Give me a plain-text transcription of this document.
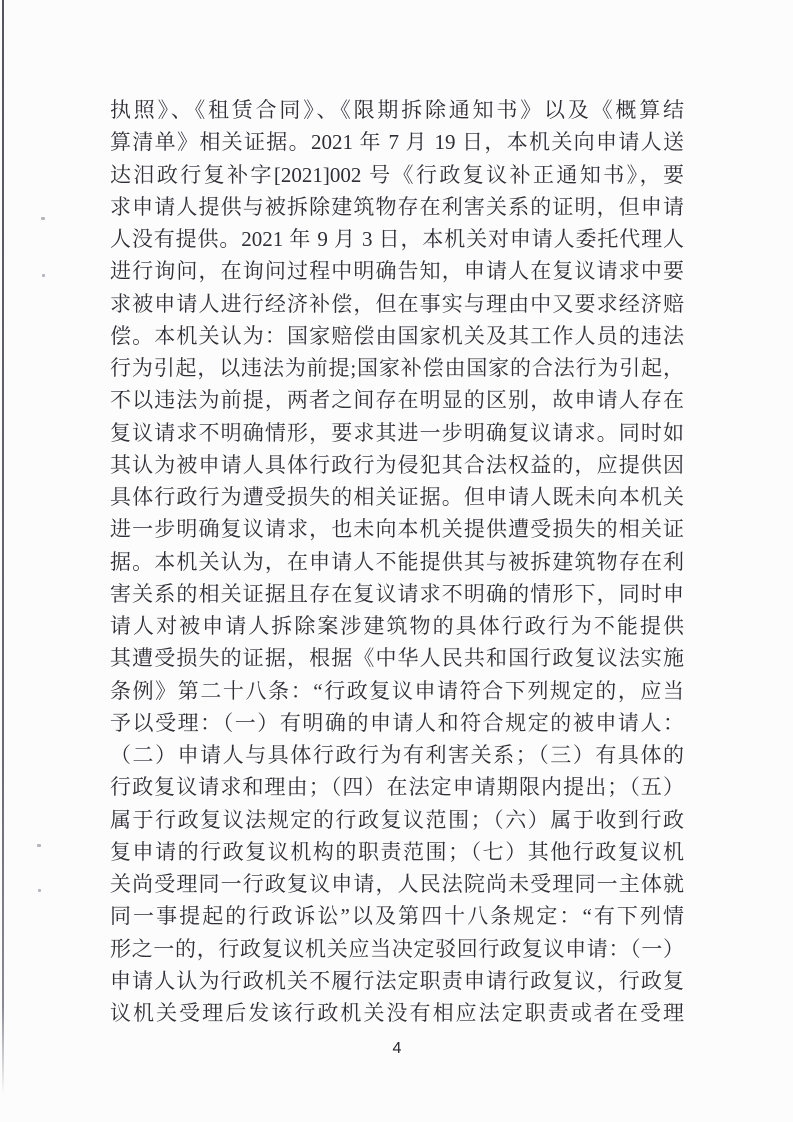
执照》、《租赁合同》、《限期拆除通知书》以及《概算结
算清单》相关证据。2021 年 7 月 19 日，本机关向申请人送
达汨政行复补字[2021]002 号《行政复议补正通知书》，要
求申请人提供与被拆除建筑物存在利害关系的证明，但申请
人没有提供。2021 年 9 月 3 日，本机关对申请人委托代理人
进行询问，在询问过程中明确告知，申请人在复议请求中要
求被申请人进行经济补偿，但在事实与理由中又要求经济赔
偿。本机关认为：国家赔偿由国家机关及其工作人员的违法
行为引起，以违法为前提;国家补偿由国家的合法行为引起，
不以违法为前提，两者之间存在明显的区别，故申请人存在
复议请求不明确情形，要求其进一步明确复议请求。同时如
其认为被申请人具体行政行为侵犯其合法权益的，应提供因
具体行政行为遭受损失的相关证据。但申请人既未向本机关
进一步明确复议请求，也未向本机关提供遭受损失的相关证
据。本机关认为，在申请人不能提供其与被拆建筑物存在利
害关系的相关证据且存在复议请求不明确的情形下，同时申
请人对被申请人拆除案涉建筑物的具体行政行为不能提供
其遭受损失的证据，根据《中华人民共和国行政复议法实施
条例》第二十八条：“行政复议申请符合下列规定的，应当
予以受理：（一）有明确的申请人和符合规定的被申请人：
（二）申请人与具体行政行为有利害关系；（三）有具体的
行政复议请求和理由；（四）在法定申请期限内提出；（五）
属于行政复议法规定的行政复议范围；（六）属于收到行政
复申请的行政复议机构的职责范围；（七）其他行政复议机
关尚受理同一行政复议申请，人民法院尚未受理同一主体就
同一事提起的行政诉讼”以及第四十八条规定：“有下列情
形之一的，行政复议机关应当决定驳回行政复议申请：（一）
申请人认为行政机关不履行法定职责申请行政复议，行政复
议机关受理后发该行政机关没有相应法定职责或者在受理
4
